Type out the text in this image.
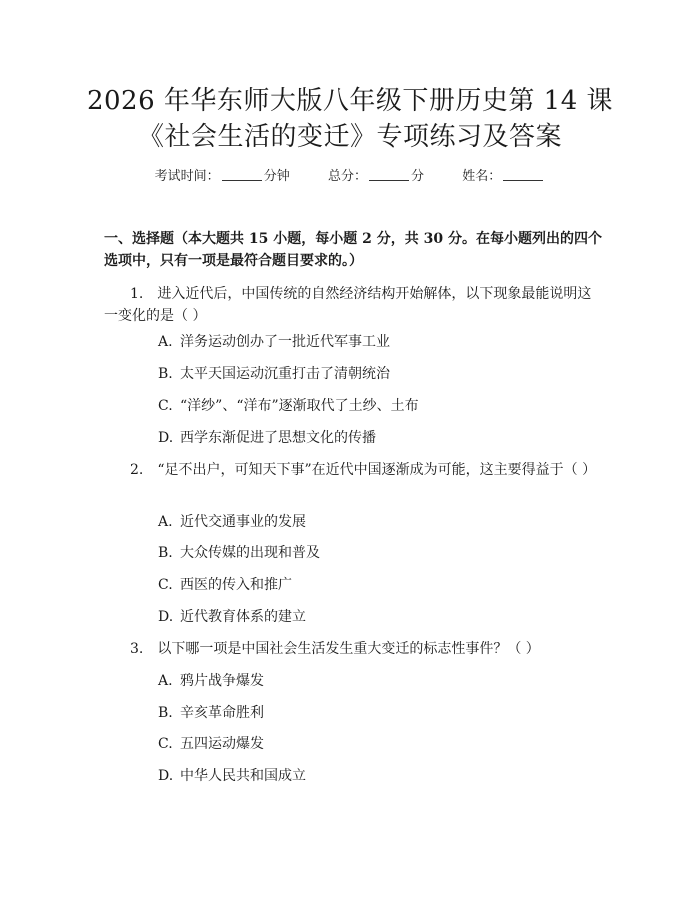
2026 年华东师大版八年级下册历史第 14 课
《社会生活的变迁》专项练习及答案
考试时间：	分钟	总分：	分	姓名：
一、选择题（本大题共 15 小题，每小题 2 分，共 30 分。在每小题列出的四个选项中，只有一项是最符合题目要求的。）
1. 进入近代后，中国传统的自然经济结构开始解体，以下现象最能说明这一变化的是（ ）
A. 洋务运动创办了一批近代军事工业
B. 太平天国运动沉重打击了清朝统治
C. “洋纱”、“洋布”逐渐取代了土纱、土布
D. 西学东渐促进了思想文化的传播
2. “足不出户，可知天下事”在近代中国逐渐成为可能，这主要得益于（ ）
A. 近代交通事业的发展
B. 大众传媒的出现和普及
C. 西医的传入和推广
D. 近代教育体系的建立
3. 以下哪一项是中国社会生活发生重大变迁的标志性事件？（ ）
A. 鸦片战争爆发
B. 辛亥革命胜利
C. 五四运动爆发
D. 中华人民共和国成立
